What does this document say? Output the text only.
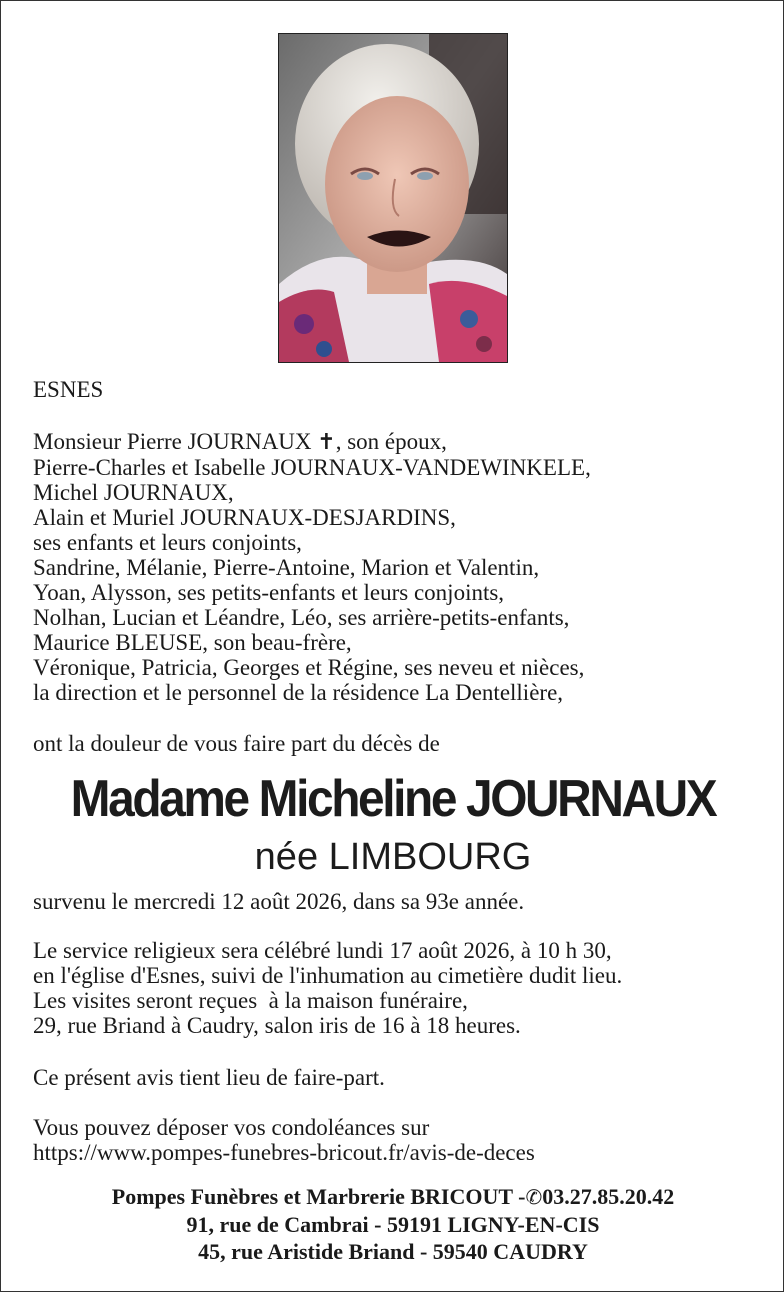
ESNES
Monsieur Pierre JOURNAUX ✝, son époux,
Pierre-Charles et Isabelle JOURNAUX-VANDEWINKELE,
Michel JOURNAUX,
Alain et Muriel JOURNAUX-DESJARDINS,
ses enfants et leurs conjoints,
Sandrine, Mélanie, Pierre-Antoine, Marion et Valentin,
Yoan, Alysson, ses petits-enfants et leurs conjoints,
Nolhan, Lucian et Léandre, Léo, ses arrière-petits-enfants,
Maurice BLEUSE, son beau-frère,
Véronique, Patricia, Georges et Régine, ses neveu et nièces,
la direction et le personnel de la résidence La Dentellière,
ont la douleur de vous faire part du décès de
Madame Micheline JOURNAUX
née LIMBOURG
survenu le mercredi 12 août 2026, dans sa 93e année.
Le service religieux sera célébré lundi 17 août 2026, à 10 h 30,
en l'église d'Esnes, suivi de l'inhumation au cimetière dudit lieu.
Les visites seront reçues  à la maison funéraire,
29, rue Briand à Caudry, salon iris de 16 à 18 heures.
Ce présent avis tient lieu de faire-part.
Vous pouvez déposer vos condoléances sur
https://www.pompes-funebres-bricout.fr/avis-de-deces
Pompes Funèbres et Marbrerie BRICOUT -✆03.27.85.20.42
91, rue de Cambrai - 59191 LIGNY-EN-CIS
45, rue Aristide Briand - 59540 CAUDRY
